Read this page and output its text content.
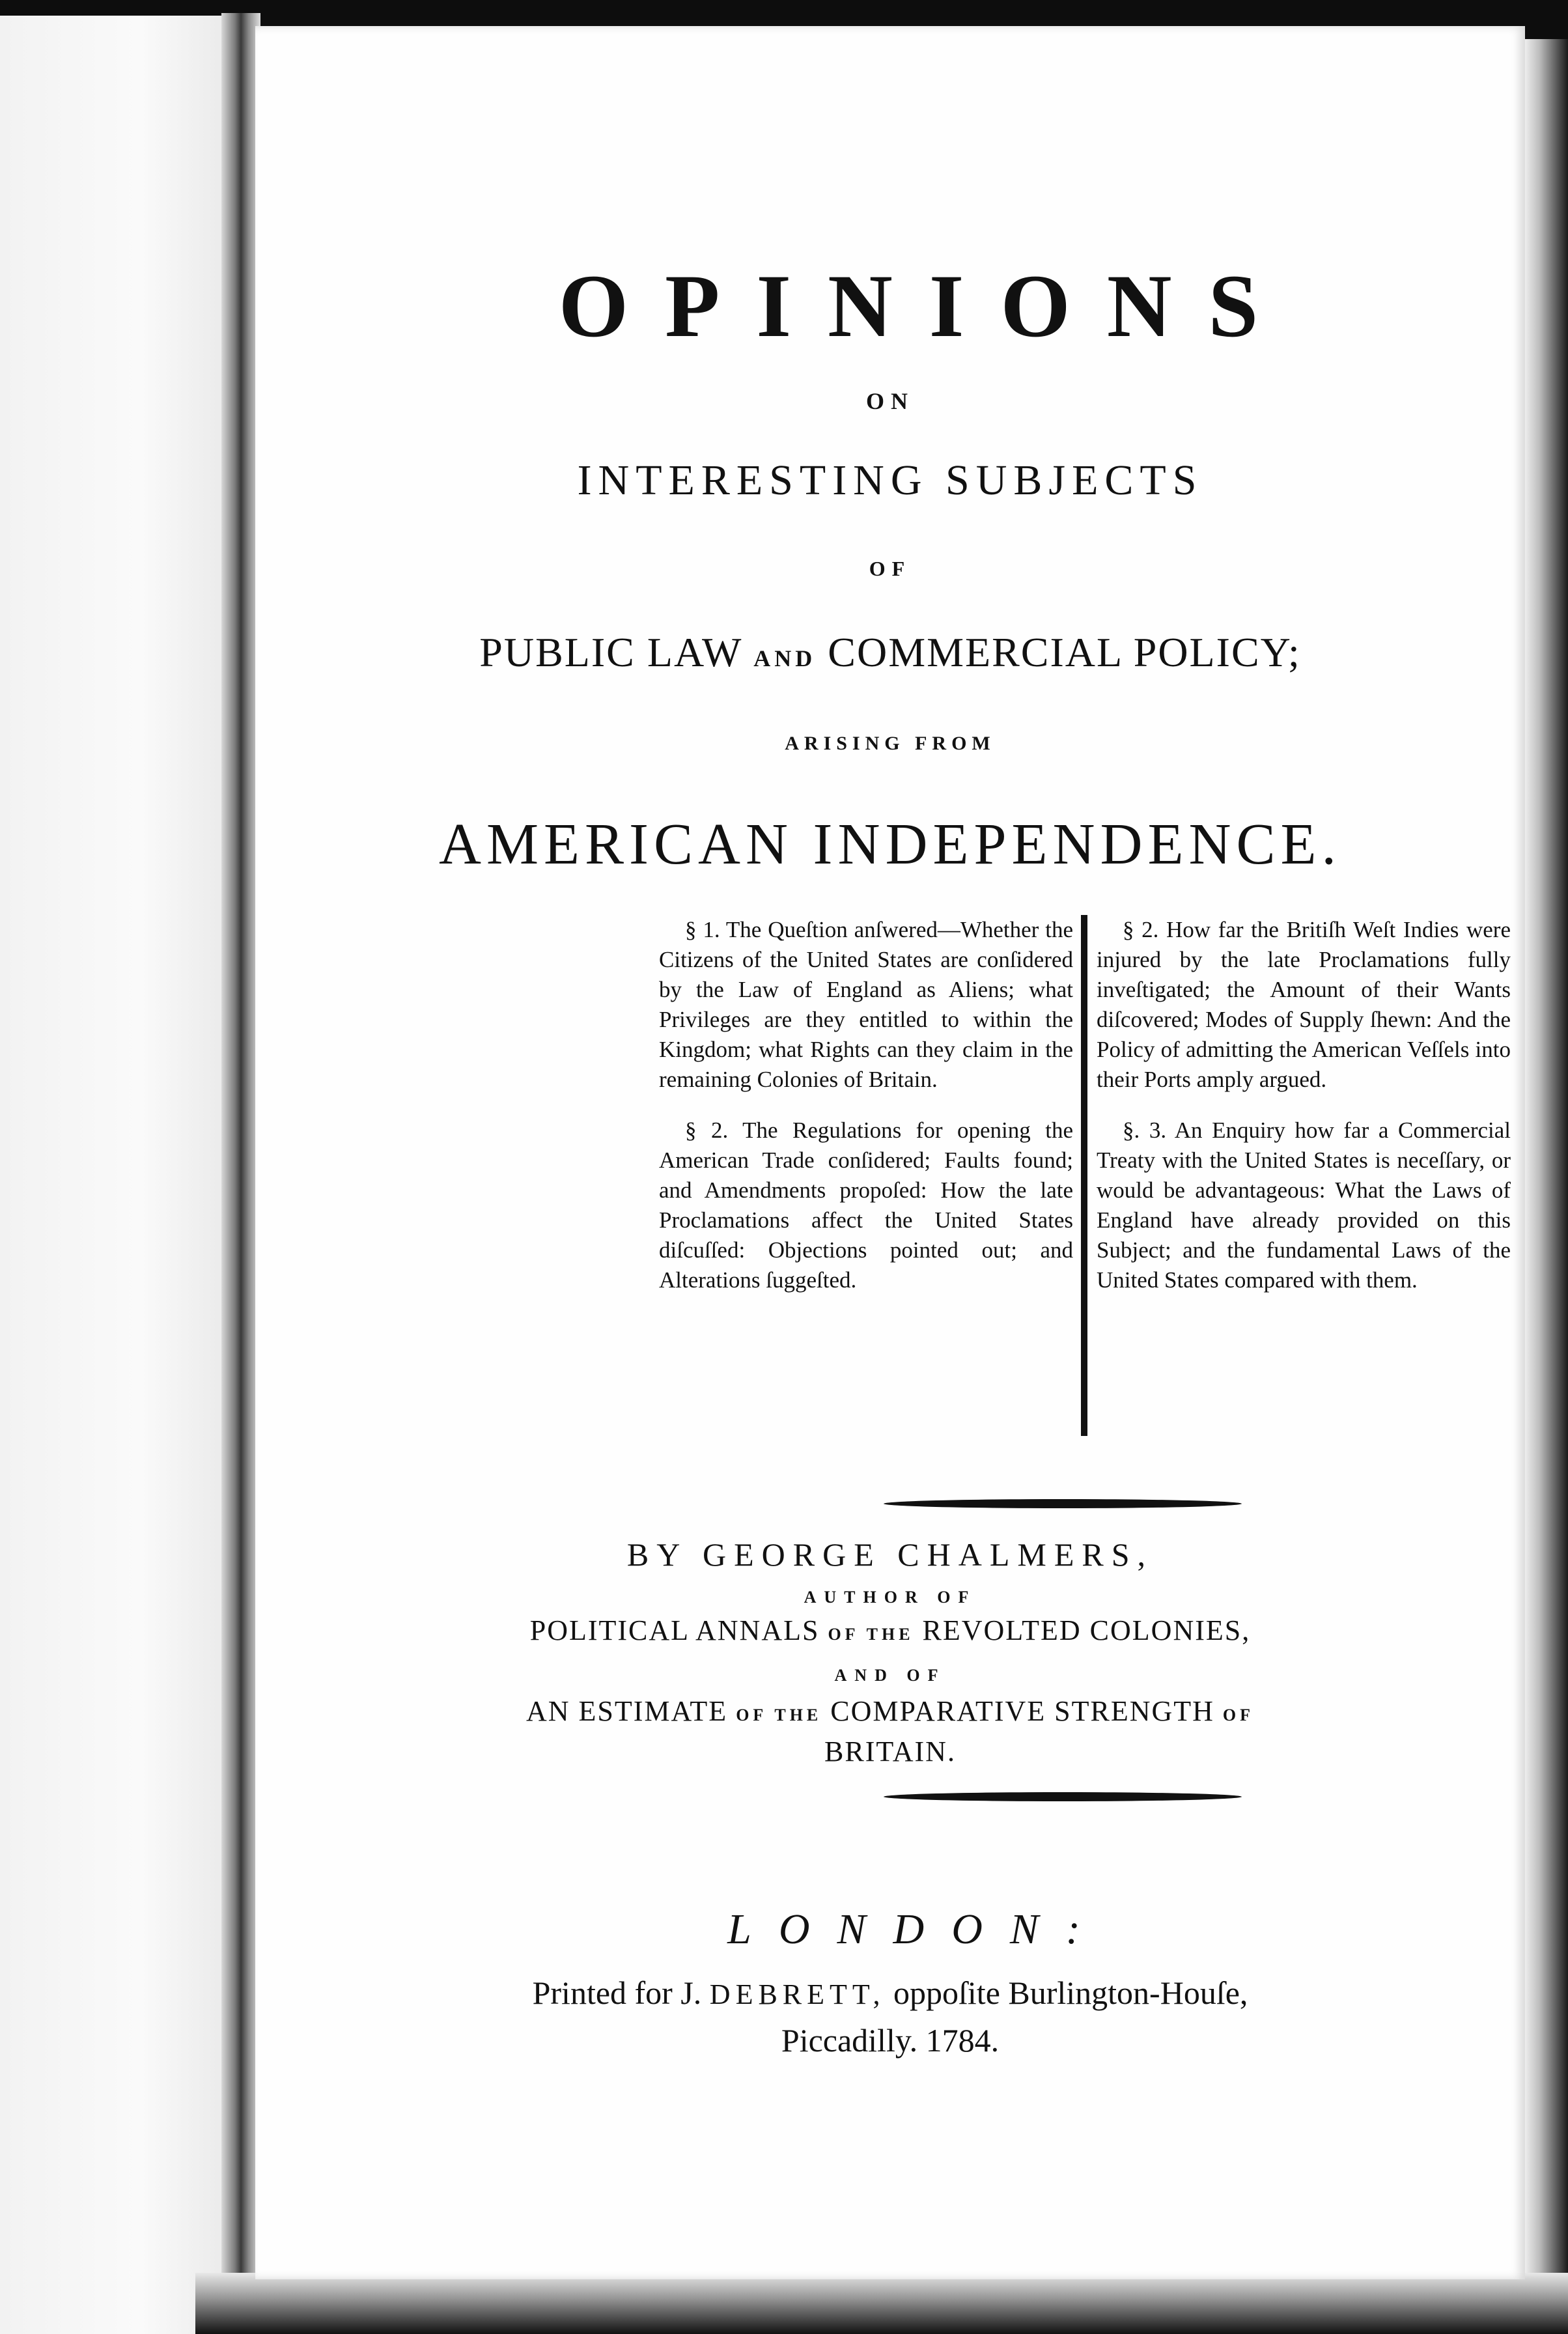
OPINIONS
ON
INTERESTING SUBJECTS
OF
PUBLIC LAW AND COMMERCIAL POLICY;
ARISING FROM
AMERICAN INDEPENDENCE.

§ 1. The Queſtion anſwered—Whether the Citizens of the United States are conſidered by the Law of England as Aliens; what Privileges are they entitled to within the Kingdom; what Rights can they claim in the remaining Colonies of Britain.

§ 2. The Regulations for opening the American Trade conſidered; Faults found; and Amendments propoſed: How the late Proclamations affect the United States diſcuſſed: Objections pointed out; and Alterations ſuggeſted.

§ 2. How far the Britiſh Weſt Indies were injured by the late Proclamations fully inveſtigated; the Amount of their Wants diſcovered; Modes of Supply ſhewn: And the Policy of admitting the American Veſſels into their Ports amply argued.

§. 3. An Enquiry how far a Commercial Treaty with the United States is neceſſary, or would be advantageous: What the Laws of England have already provided on this Subject; and the fundamental Laws of the United States compared with them.

BY GEORGE CHALMERS,
AUTHOR OF
POLITICAL ANNALS OF THE REVOLTED COLONIES,
AND OF
AN ESTIMATE OF THE COMPARATIVE STRENGTH OF
BRITAIN.
LONDON:
Printed for J. DEBRETT, oppoſite Burlington-Houſe,
Piccadilly. 1784.
